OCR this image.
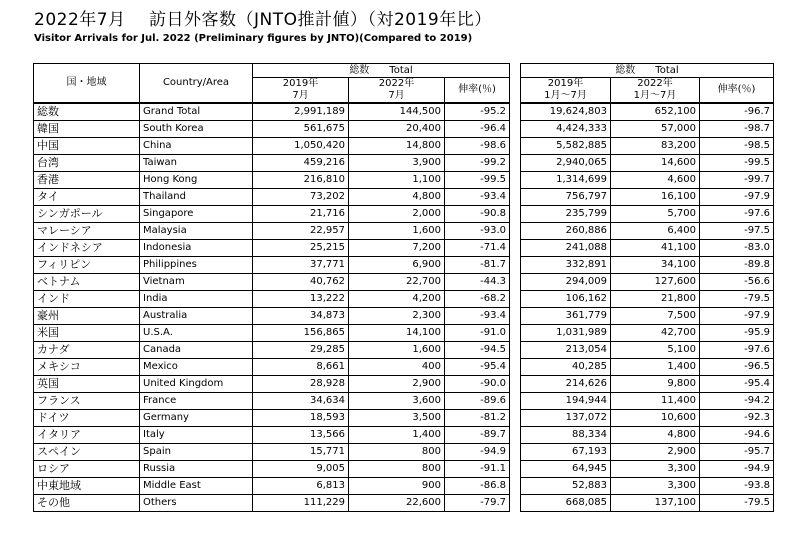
2022年7月　 訪日外客数（JNTO推計値）（対2019年比）
Visitor Arrivals for Jul. 2022 (Preliminary figures by JNTO)(Compared to 2019)
国・地域	Country/Area	総数　　Total				総数　　Total		
		2019年	2022年	伸率(％)		2019年	2022年	伸率(％)
		7月	7月			1月～7月	1月～7月	
総数	Grand Total	2,991,189	144,500	-95.2		19,624,803	652,100	-96.7
韓国	South Korea	561,675	20,400	-96.4		4,424,333	57,000	-98.7
中国	China	1,050,420	14,800	-98.6		5,582,885	83,200	-98.5
台湾	Taiwan	459,216	3,900	-99.2		2,940,065	14,600	-99.5
香港	Hong Kong	216,810	1,100	-99.5		1,314,699	4,600	-99.7
タイ	Thailand	73,202	4,800	-93.4		756,797	16,100	-97.9
シンガポール	Singapore	21,716	2,000	-90.8		235,799	5,700	-97.6
マレーシア	Malaysia	22,957	1,600	-93.0		260,886	6,400	-97.5
インドネシア	Indonesia	25,215	7,200	-71.4		241,088	41,100	-83.0
フィリピン	Philippines	37,771	6,900	-81.7		332,891	34,100	-89.8
ベトナム	Vietnam	40,762	22,700	-44.3		294,009	127,600	-56.6
インド	India	13,222	4,200	-68.2		106,162	21,800	-79.5
豪州	Australia	34,873	2,300	-93.4		361,779	7,500	-97.9
米国	U.S.A.	156,865	14,100	-91.0		1,031,989	42,700	-95.9
カナダ	Canada	29,285	1,600	-94.5		213,054	5,100	-97.6
メキシコ	Mexico	8,661	400	-95.4		40,285	1,400	-96.5
英国	United Kingdom	28,928	2,900	-90.0		214,626	9,800	-95.4
フランス	France	34,634	3,600	-89.6		194,944	11,400	-94.2
ドイツ	Germany	18,593	3,500	-81.2		137,072	10,600	-92.3
イタリア	Italy	13,566	1,400	-89.7		88,334	4,800	-94.6
スペイン	Spain	15,771	800	-94.9		67,193	2,900	-95.7
ロシア	Russia	9,005	800	-91.1		64,945	3,300	-94.9
中東地域	Middle East	6,813	900	-86.8		52,883	3,300	-93.8
その他	Others	111,229	22,600	-79.7		668,085	137,100	-79.5
